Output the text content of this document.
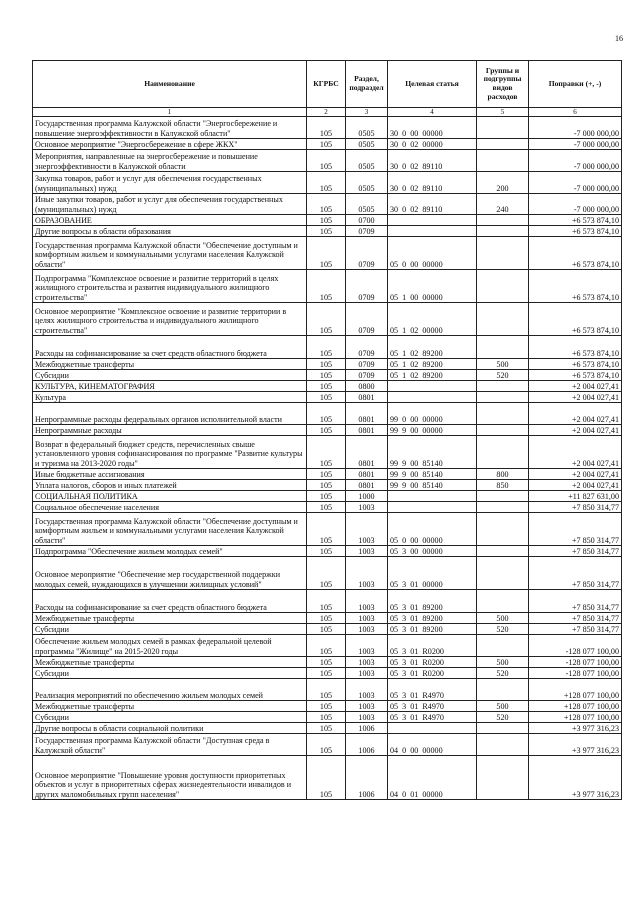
16
Наименование	КГРБС	Раздел, подраздел	Целевая статья	Группы и подгруппы видов расходов	Поправки (+, -)
1	2	3	4	5	6
Государственная программа Калужской области "Энергосбережение и повышение энергоэффективности в Калужской области"	105	0505	30  0  00  00000		-7 000 000,00
Основное мероприятие "Энергосбережение в сфере ЖКХ"	105	0505	30  0  02  00000		-7 000 000,00
Мероприятия, направленные на энергосбережение и повышение энергоэффективности в Калужской области	105	0505	30  0  02  89110		-7 000 000,00
Закупка товаров, работ и услуг для обеспечения государственных (муниципальных) нужд	105	0505	30  0  02  89110	200	-7 000 000,00
Иные закупки товаров, работ и услуг для обеспечения государственных (муниципальных) нужд	105	0505	30  0  02  89110	240	-7 000 000,00
ОБРАЗОВАНИЕ	105	0700			+6 573 874,10
Другие вопросы в области образования	105	0709			+6 573 874,10
Государственная программа Калужской области "Обеспечение доступным и комфортным жильем и коммунальными услугами населения Калужской области"	105	0709	05  0  00  00000		+6 573 874,10
Подпрограмма "Комплексное освоение и развитие территорий в целях жилищного строительства и развития индивидуального жилищного строительства"	105	0709	05  1  00  00000		+6 573 874,10
Основное мероприятие "Комплексное освоение и развитие территории в целях жилищного строительства и индивидуального жилищного строительства"	105	0709	05  1  02  00000		+6 573 874,10
Расходы на софинансирование за счет средств областного бюджета	105	0709	05  1  02  89200		+6 573 874,10
Межбюджетные трансферты	105	0709	05  1  02  89200	500	+6 573 874,10
Субсидии	105	0709	05  1  02  89200	520	+6 573 874,10
КУЛЬТУРА, КИНЕМАТОГРАФИЯ	105	0800			+2 004 027,41
Культура	105	0801			+2 004 027,41
Непрограммные расходы федеральных органов исполнительной власти	105	0801	99  0  00  00000		+2 004 027,41
Непрограммные расходы	105	0801	99  9  00  00000		+2 004 027,41
Возврат в федеральный бюджет средств, перечисленных свыше установленного уровня софинансирования по программе "Развитие культуры и туризма на 2013-2020 годы"	105	0801	99  9  00  85140		+2 004 027,41
Иные бюджетные ассигнования	105	0801	99  9  00  85140	800	+2 004 027,41
Уплата налогов, сборов и иных платежей	105	0801	99  9  00  85140	850	+2 004 027,41
СОЦИАЛЬНАЯ ПОЛИТИКА	105	1000			+11 827 631,00
Социальное обеспечение населения	105	1003			+7 850 314,77
Государственная программа Калужской области "Обеспечение доступным и комфортным жильем и коммунальными услугами населения Калужской области"	105	1003	05  0  00  00000		+7 850 314,77
Подпрограмма "Обеспечение жильем молодых семей"	105	1003	05  3  00  00000		+7 850 314,77
Основное мероприятие "Обеспечение мер государственной поддержки молодых семей, нуждающихся в улучшении жилищных условий"	105	1003	05  3  01  00000		+7 850 314,77
Расходы на софинансирование за счет средств областного бюджета	105	1003	05  3  01  89200		+7 850 314,77
Межбюджетные трансферты	105	1003	05  3  01  89200	500	+7 850 314,77
Субсидии	105	1003	05  3  01  89200	520	+7 850 314,77
Обеспечение жильем молодых семей в рамках федеральной целевой программы "Жилище" на 2015-2020 годы	105	1003	05  3  01  R0200		-128 077 100,00
Межбюджетные трансферты	105	1003	05  3  01  R0200	500	-128 077 100,00
Субсидии	105	1003	05  3  01  R0200	520	-128 077 100,00
Реализация мероприятий по обеспечению жильем молодых семей	105	1003	05  3  01  R4970		+128 077 100,00
Межбюджетные трансферты	105	1003	05  3  01  R4970	500	+128 077 100,00
Субсидии	105	1003	05  3  01  R4970	520	+128 077 100,00
Другие вопросы в области социальной политики	105	1006			+3 977 316,23
Государственная программа Калужской области "Доступная среда в Калужской области"	105	1006	04  0  00  00000		+3 977 316,23
Основное мероприятие "Повышение уровня доступности приоритетных объектов и услуг в приоритетных сферах жизнедеятельности инвалидов и других маломобильных групп населения"	105	1006	04  0  01  00000		+3 977 316,23
